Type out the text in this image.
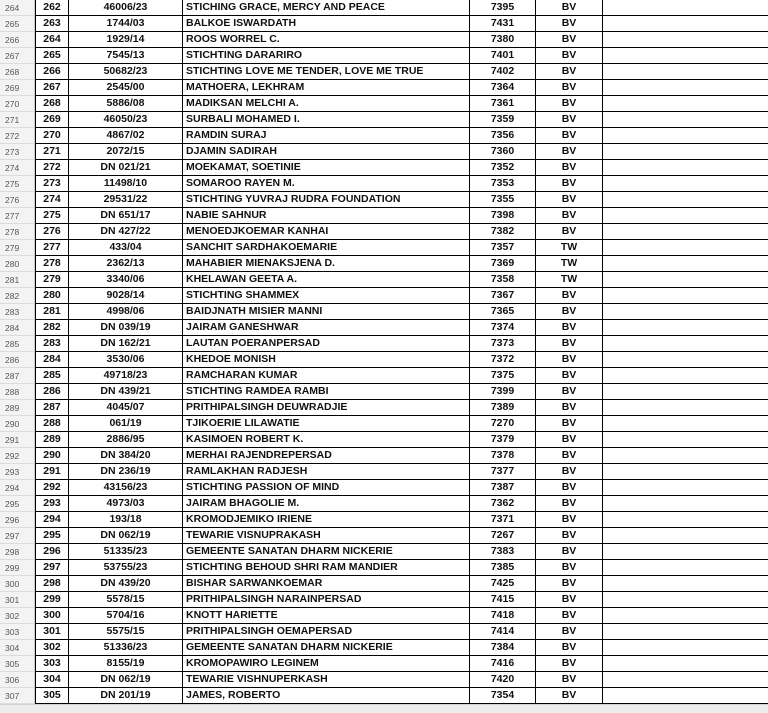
264	262	46006/23	STICHING GRACE, MERCY AND PEACE	7395	BV
265	263	1744/03	BALKOE ISWARDATH	7431	BV
266	264	1929/14	ROOS WORREL C.	7380	BV
267	265	7545/13	STICHTING DARARIRO	7401	BV
268	266	50682/23	STICHTING LOVE ME TENDER, LOVE ME TRUE	7402	BV
269	267	2545/00	MATHOERA, LEKHRAM	7364	BV
270	268	5886/08	MADIKSAN MELCHI A.	7361	BV
271	269	46050/23	SURBALI MOHAMED I.	7359	BV
272	270	4867/02	RAMDIN SURAJ	7356	BV
273	271	2072/15	DJAMIN SADIRAH	7360	BV
274	272	DN 021/21	MOEKAMAT, SOETINIE	7352	BV
275	273	11498/10	SOMAROO RAYEN M.	7353	BV
276	274	29531/22	STICHTING YUVRAJ RUDRA FOUNDATION	7355	BV
277	275	DN 651/17	NABIE SAHNUR	7398	BV
278	276	DN 427/22	MENOEDJKOEMAR KANHAI	7382	BV
279	277	433/04	SANCHIT SARDHAKOEMARIE	7357	TW
280	278	2362/13	MAHABIER MIENAKSJENA D.	7369	TW
281	279	3340/06	KHELAWAN GEETA A.	7358	TW
282	280	9028/14	STICHTING SHAMMEX	7367	BV
283	281	4998/06	BAIDJNATH MISIER MANNI	7365	BV
284	282	DN 039/19	JAIRAM GANESHWAR	7374	BV
285	283	DN 162/21	LAUTAN POERANPERSAD	7373	BV
286	284	3530/06	KHEDOE MONISH	7372	BV
287	285	49718/23	RAMCHARAN KUMAR	7375	BV
288	286	DN 439/21	STICHTING RAMDEA RAMBI	7399	BV
289	287	4045/07	PRITHIPALSINGH DEUWRADJIE	7389	BV
290	288	061/19	TJIKOERIE LILAWATIE	7270	BV
291	289	2886/95	KASIMOEN ROBERT K.	7379	BV
292	290	DN 384/20	MERHAI RAJENDREPERSAD	7378	BV
293	291	DN 236/19	RAMLAKHAN RADJESH	7377	BV
294	292	43156/23	STICHTING PASSION OF MIND	7387	BV
295	293	4973/03	JAIRAM BHAGOLIE M.	7362	BV
296	294	193/18	KROMODJEMIKO IRIENE	7371	BV
297	295	DN 062/19	TEWARIE VISNUPRAKASH	7267	BV
298	296	51335/23	GEMEENTE SANATAN DHARM NICKERIE	7383	BV
299	297	53755/23	STICHTING BEHOUD SHRI RAM MANDIER	7385	BV
300	298	DN 439/20	BISHAR SARWANKOEMAR	7425	BV
301	299	5578/15	PRITHIPALSINGH NARAINPERSAD	7415	BV
302	300	5704/16	KNOTT HARIETTE	7418	BV
303	301	5575/15	PRITHIPALSINGH OEMAPERSAD	7414	BV
304	302	51336/23	GEMEENTE SANATAN DHARM NICKERIE	7384	BV
305	303	8155/19	KROMOPAWIRO LEGINEM	7416	BV
306	304	DN 062/19	TEWARIE VISHNUPERKASH	7420	BV
307	305	DN 201/19	JAMES, ROBERTO	7354	BV
